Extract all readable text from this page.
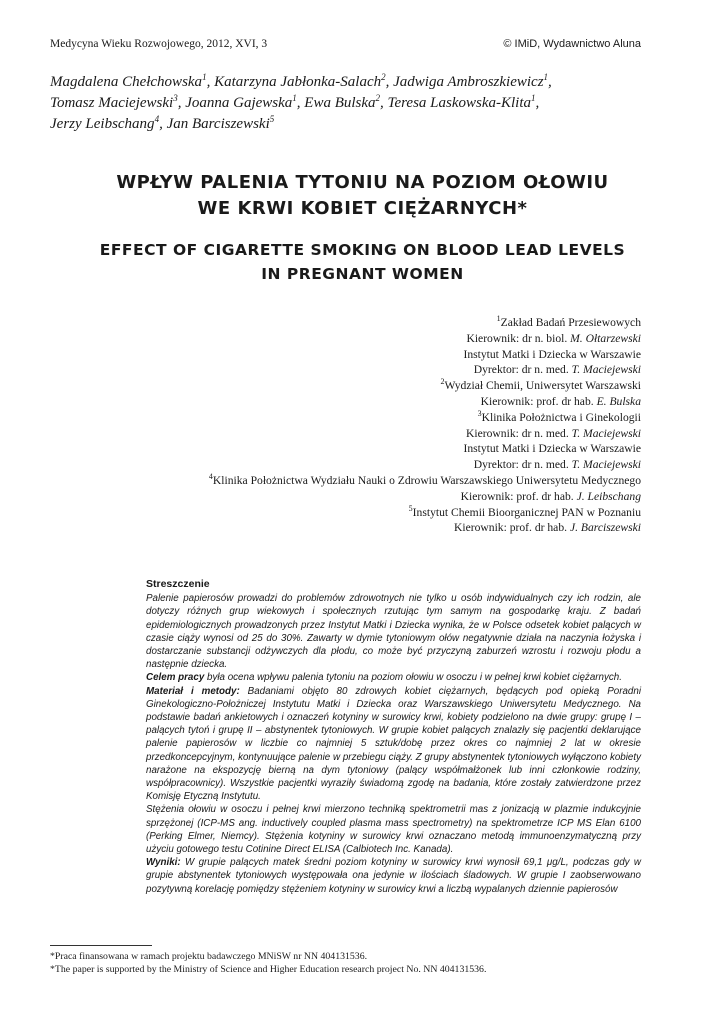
Medycyna Wieku Rozwojowego, 2012, XVI, 3	© IMiD, Wydawnictwo Aluna
Magdalena Chełchowska$^1$, Katarzyna Jabłonka-Salach$^2$, Jadwiga Ambroszkiewicz$^1$,
Tomasz Maciejewski$^3$, Joanna Gajewska$^1$, Ewa Bulska$^2$, Teresa Laskowska-Klita$^1$,
Jerzy Leibschang$^4$, Jan Barciszewski$^5$
WPŁYW PALENIA TYTONIU NA POZIOM OŁOWIU
WE KRWI KOBIET CIĘŻARNYCH*
EFFECT OF CIGARETTE SMOKING ON BLOOD LEAD LEVELS
IN PREGNANT WOMEN
$^1$Zakład Badań Przesiewowych
Kierownik: dr n. biol. M. Ołtarzewski
Instytut Matki i Dziecka w Warszawie
Dyrektor: dr n. med. T. Maciejewski
$^2$Wydział Chemii, Uniwersytet Warszawski
Kierownik: prof. dr hab. E. Bulska
$^3$Klinika Położnictwa i Ginekologii
Kierownik: dr n. med. T. Maciejewski
Instytut Matki i Dziecka w Warszawie
Dyrektor: dr n. med. T. Maciejewski
$^4$Klinika Położnictwa Wydziału Nauki o Zdrowiu Warszawskiego Uniwersytetu Medycznego
Kierownik: prof. dr hab. J. Leibschang
$^5$Instytut Chemii Bioorganicznej PAN w Poznaniu
Kierownik: prof. dr hab. J. Barciszewski
Streszczenie

Palenie papierosów prowadzi do problemów zdrowotnych nie tylko u osób indywidualnych czy ich rodzin, ale dotyczy różnych grup wiekowych i społecznych rzutując tym samym na gospodarkę kraju. Z badań epidemiologicznych prowadzonych przez Instytut Matki i Dziecka wynika, że w Polsce odsetek kobiet palących w czasie ciąży wynosi od 25 do 30%. Zawarty w dymie tytoniowym ołów negatywnie działa na naczynia łożyska i dostarczanie substancji odżywczych dla płodu, co może być przyczyną zaburzeń wzrostu i rozwoju płodu a następnie dziecka.

Celem pracy była ocena wpływu palenia tytoniu na poziom ołowiu w osoczu i w pełnej krwi kobiet ciężarnych.

Materiał i metody: Badaniami objęto 80 zdrowych kobiet ciężarnych, będących pod opieką Poradni Ginekologiczno-Położniczej Instytutu Matki i Dziecka oraz Warszawskiego Uniwersytetu Medycznego. Na podstawie badań ankietowych i oznaczeń kotyniny w surowicy krwi, kobiety podzielono na dwie grupy: grupę I – palących tytoń i grupę II – abstynentek tytoniowych. W grupie kobiet palących znalazły się pacjentki deklarujące palenie papierosów w liczbie co najmniej 5 sztuk/dobę przez okres co najmniej 2 lat w okresie przedkoncepcyjnym, kontynuujące palenie w przebiegu ciąży. Z grupy abstynentek tytoniowych wyłączono kobiety narażone na ekspozycję bierną na dym tytoniowy (palący współmałżonek lub inni członkowie rodziny, współpracownicy). Wszystkie pacjentki wyraziły świadomą zgodę na badania, które zostały zatwierdzone przez Komisję Etyczną Instytutu.

Stężenia ołowiu w osoczu i pełnej krwi mierzono techniką spektrometrii mas z jonizacją w plazmie indukcyjnie sprzężonej (ICP-MS ang. inductively coupled plasma mass spectrometry) na spektrometrze ICP MS Elan 6100 (Perking Elmer, Niemcy). Stężenia kotyniny w surowicy krwi oznaczano metodą immunoenzymatyczną przy użyciu gotowego testu Cotinine Direct ELISA (Calbiotech Inc. Kanada).

Wyniki: W grupie palących matek średni poziom kotyniny w surowicy krwi wynosił 69,1 μg/L, podczas gdy w grupie abstynentek tytoniowych występowała ona jedynie w ilościach śladowych. W grupie I zaobserwowano pozytywną korelację pomiędzy stężeniem kotyniny w surowicy krwi a liczbą wypalanych dziennie papierosów

*Praca finansowana w ramach projektu badawczego MNiSW nr NN 404131536.
*The paper is supported by the Ministry of Science and Higher Education research project No. NN 404131536.
